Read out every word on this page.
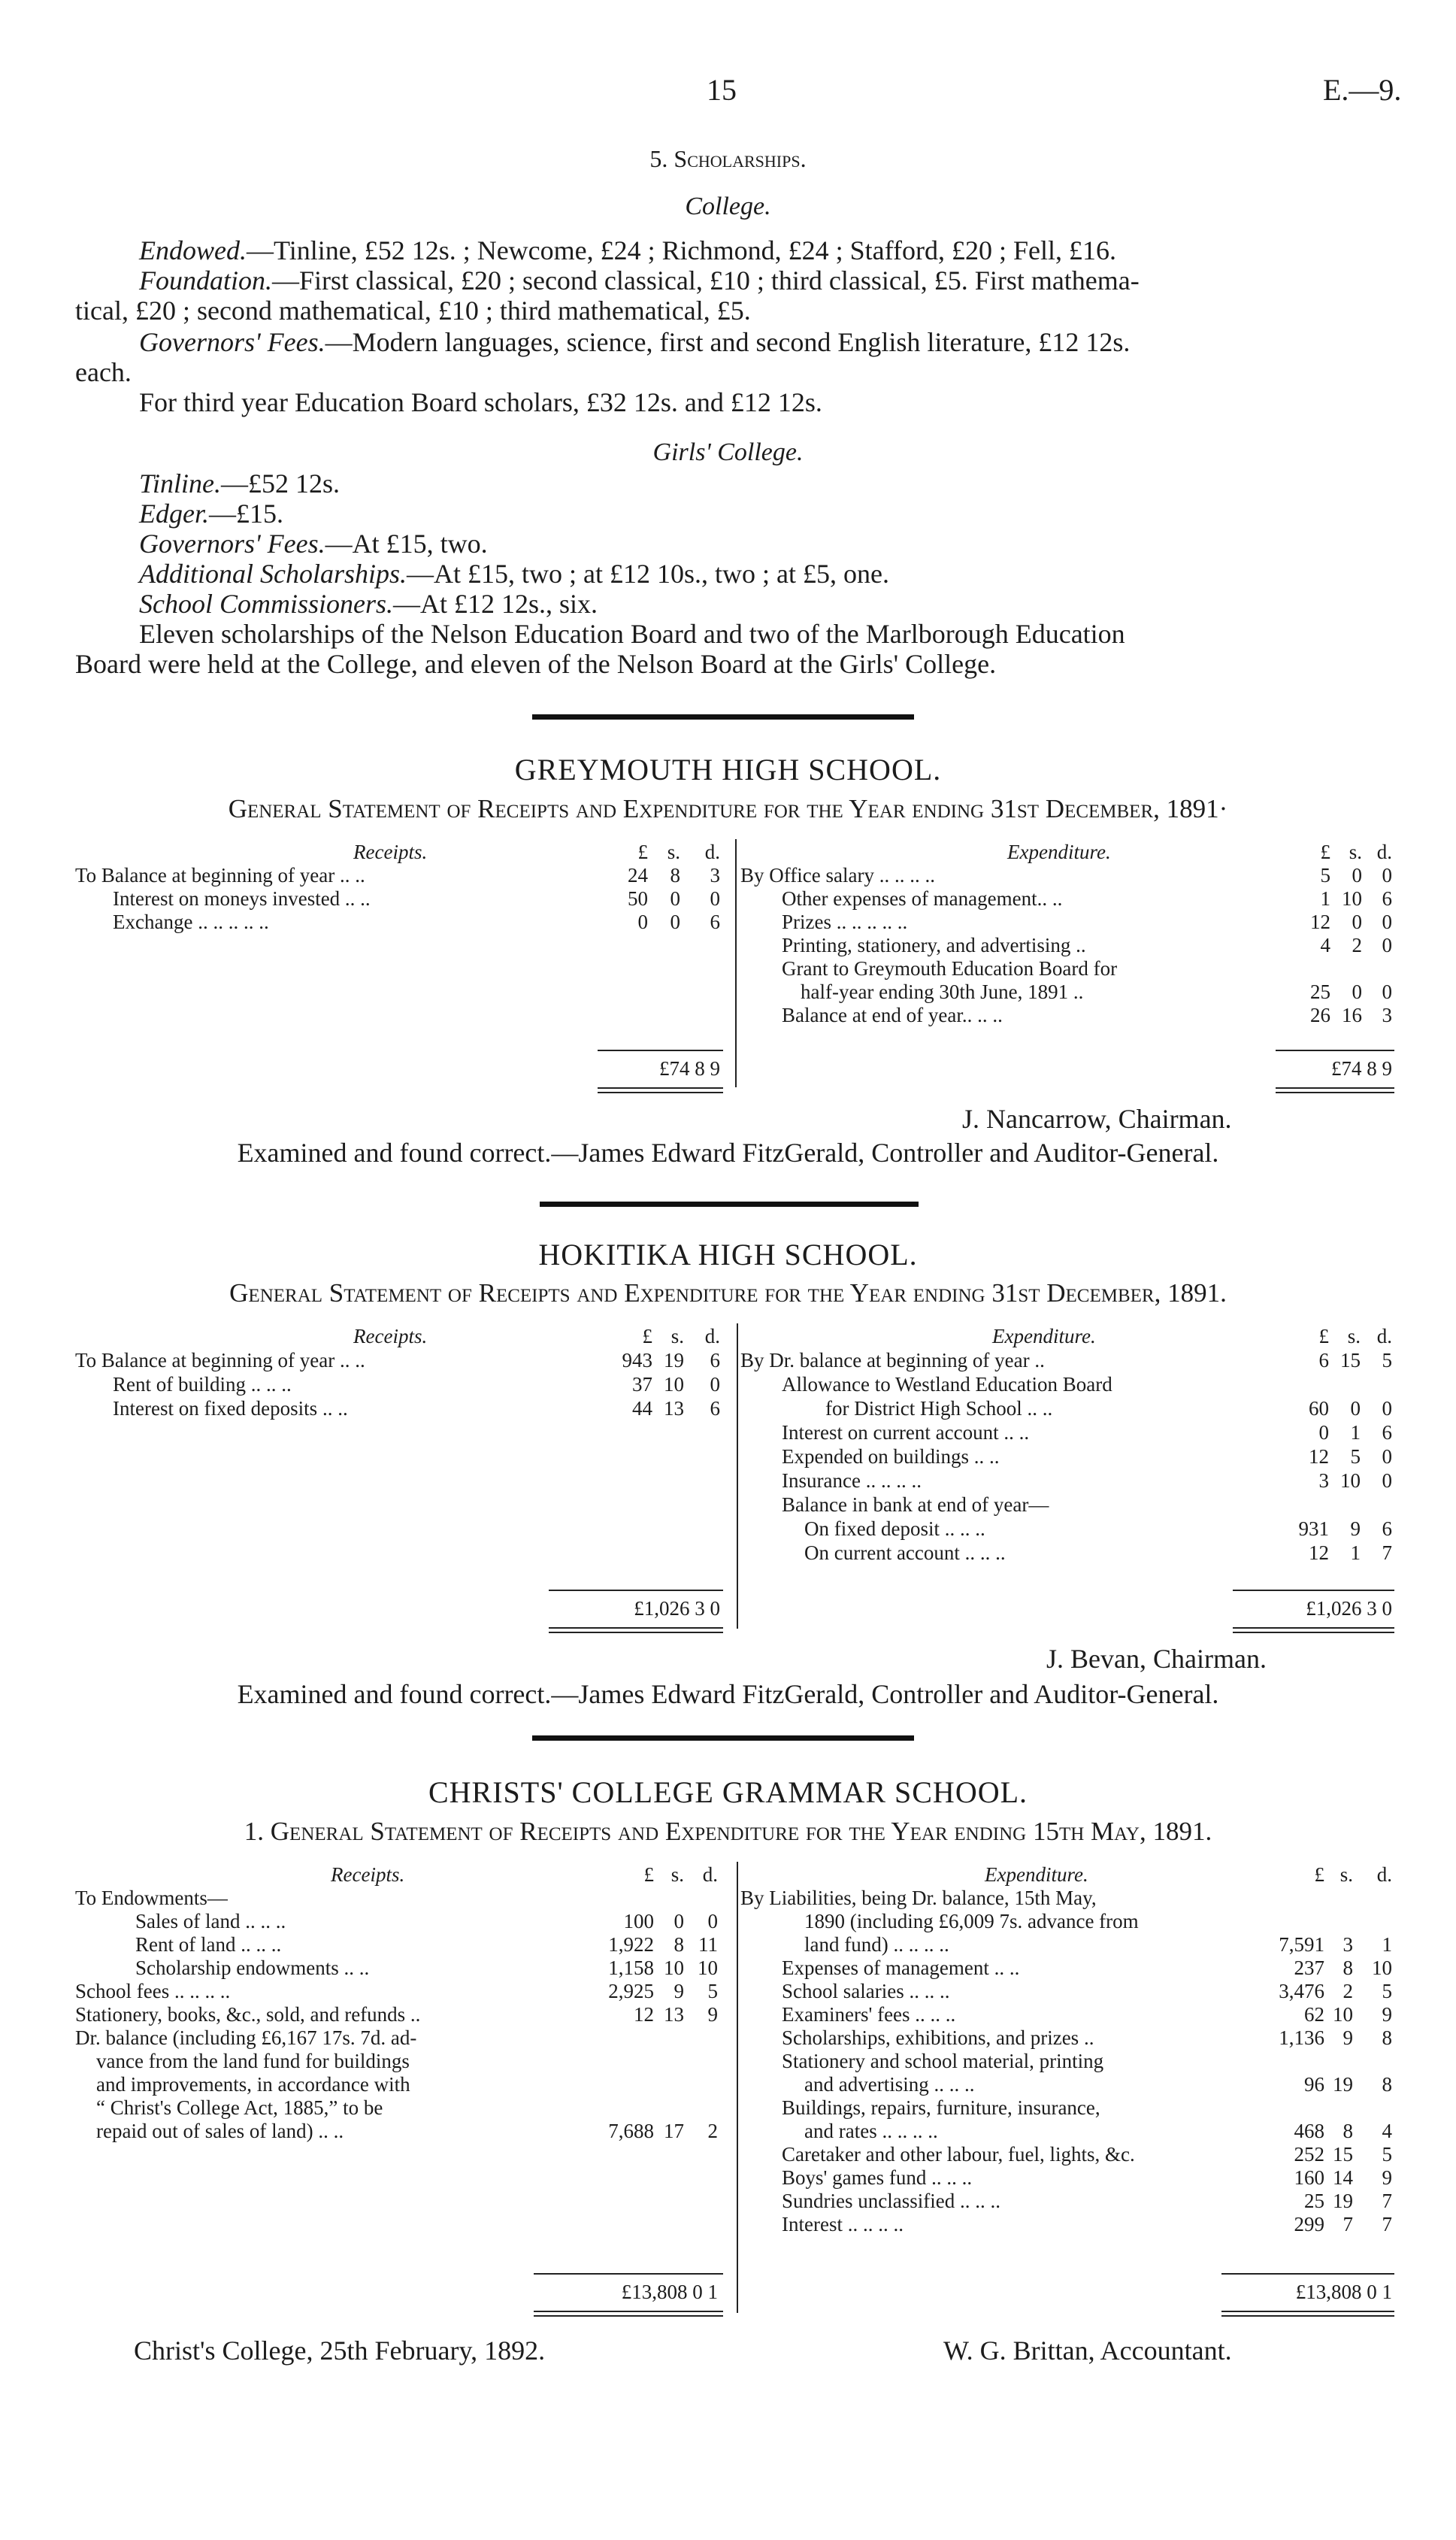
15	E.—9.
5. Scholarships.
College.
Endowed.—Tinline, £52 12s. ; Newcome, £24 ; Richmond, £24 ; Stafford, £20 ; Fell, £16.
Foundation.—First classical, £20 ; second classical, £10 ; third classical, £5. First mathema-
tical, £20 ; second mathematical, £10 ; third mathematical, £5.
Governors' Fees.—Modern languages, science, first and second English literature, £12 12s.
each.
For third year Education Board scholars, £32 12s. and £12 12s.
Girls' College.
Tinline.—£52 12s.
Edger.—£15.
Governors' Fees.—At £15, two.
Additional Scholarships.—At £15, two ; at £12 10s., two ; at £5, one.
School Commissioners.—At £12 12s., six.
Eleven scholarships of the Nelson Education Board and two of the Marlborough Education
Board were held at the College, and eleven of the Nelson Board at the Girls' College.
GREYMOUTH HIGH SCHOOL.
General Statement of Receipts and Expenditure for the Year ending 31st December, 1891·
Receipts.	Expenditure.
£ s.	d.	£ s. d.
To Balance at beginning of year .. ..	24	8	3
Interest on moneys invested .. ..	50	0	0
Exchange .. .. .. .. ..	0	0	6
By Office salary .. .. .. ..	5	0 0
Other expenses of management.. ..	1 10 6
Prizes .. .. .. .. ..	12	0 0
Printing, stationery, and advertising ..	4	2 0
Grant to Greymouth Education Board for
half-year ending 30th June, 1891 ..	25	0 0
Balance at end of year.. .. ..	26 16 3
£74 8 9	£74 8 9
J. Nancarrow, Chairman.
Examined and found correct.—James Edward FitzGerald, Controller and Auditor-General.
HOKITIKA HIGH SCHOOL.
General Statement of Receipts and Expenditure for the Year ending 31st December, 1891.
Receipts.	Expenditure.
£ s.	d.	£ s. d.
To Balance at beginning of year .. ..	943 19	6
Rent of building .. .. ..	37 10	0
Interest on fixed deposits .. ..	44 13	6
By Dr. balance at beginning of year ..	6 15	5
Allowance to Westland Education Board
for District High School .. ..	60	0	0
Interest on current account .. ..	0	1	6
Expended on buildings .. ..	12	5	0
Insurance .. .. .. ..	3 10	0
Balance in bank at end of year—
On fixed deposit .. .. ..	931	9	6
On current account .. .. ..	12	1	7
£1,026 3 0	£1,026 3 0
J. Bevan, Chairman.
Examined and found correct.—James Edward FitzGerald, Controller and Auditor-General.
CHRISTS' COLLEGE GRAMMAR SCHOOL.
1. General Statement of Receipts and Expenditure for the Year ending 15th May, 1891.
Receipts.	Expenditure.
£ s. d.	£ s.	d.
To Endowments—
Sales of land .. .. ..	100 0	0
Rent of land .. .. ..	1,922 8 11
Scholarship endowments .. ..	1,158 10 10
School fees .. .. .. ..	2,925 9	5
Stationery, books, &c., sold, and refunds ..	12 13	9
Dr. balance (including £6,167 17s. 7d. ad-
vance from the land fund for buildings
and improvements, in accordance with
“ Christ's College Act, 1885,” to be
repaid out of sales of land) .. ..	7,688 17	2
By Liabilities, being Dr. balance, 15th May,
1890 (including £6,009 7s. advance from
land fund) .. .. .. ..	7,591 3	1
Expenses of management .. ..	237 8 10
School salaries .. .. ..	3,476 2	5
Examiners' fees .. .. ..	62 10	9
Scholarships, exhibitions, and prizes ..	1,136 9	8
Stationery and school material, printing
and advertising .. .. ..	96 19	8
Buildings, repairs, furniture, insurance,
and rates .. .. .. ..	468 8	4
Caretaker and other labour, fuel, lights, &c.	252 15	5
Boys' games fund .. .. ..	160 14	9
Sundries unclassified .. .. ..	25 19	7
Interest .. .. .. ..	299 7	7
£13,808 0 1	£13,808 0 1
Christ's College, 25th February, 1892.	W. G. Brittan, Accountant.
